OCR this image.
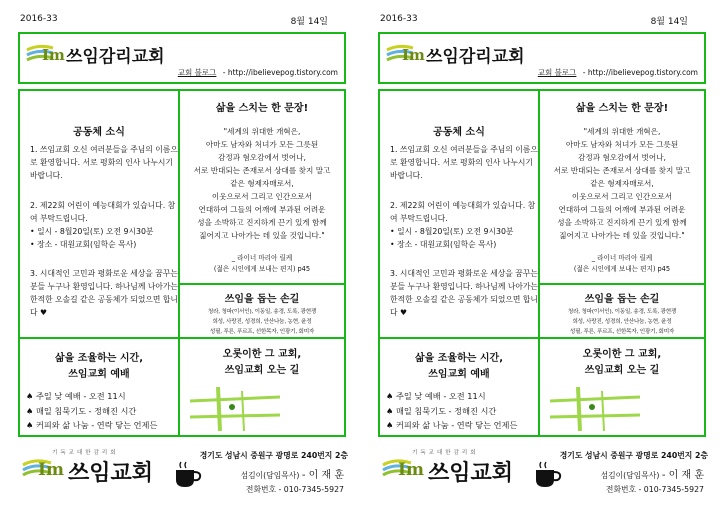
2016-33	8월 14일
Im 쓰임감리교회
교회 블로그 - http://ibelievepog.tistory.com
공동체 소식
1. 쓰임교회 오신 여러분들을 주님의 이름으로 환영합니다. 서로 평화의 인사 나누시기 바랍니다.
2. 제22회 어린이 예능대회가 있습니다. 참여 부탁드립니다.
• 일시 - 8월20일(토) 오전 9시30분
• 장소 - 대원교회(임학순 목사)
3. 시대적인 고민과 평화로운 세상을 꿈꾸는 분들 누구나 환영입니다. 하나님께 나아가는 한적한 오솔길 같은 공동체가 되었으면 합니다 ♥
삶을 스치는 한 문장!
"세계의 위대한 개혁은,
아마도 남자와 처녀가 모든 그릇된
감정과 혐오감에서 벗어나,
서로 반대되는 존재로서 상대를 찾지 말고
같은 형제자매로서,
이웃으로서 그리고 인간으로서
연대하여 그들의 어깨에 부과된 어려운
성을 소박하고 진지하게 끈기 있게 함께
짊어지고 나아가는 데 있을 것입니다."
_ 라이너 마리아 릴케
(젊은 시인에게 보내는 편지) p45
쓰임을 돕는 손길
청라, 청파(이서인), 이동일, 송경, 도록, 광현쟁
희성, 사랑진, 성경희, 안산나눔, 농현, 윤정
성필, 푸른, 푸르프, 선한목자, 인광기, 회미자
삶을 조율하는 시간,
쓰임교회 예배
♠ 주일 낮 예배 - 오전 11시
♠ 매일 침묵기도 - 정해진 시간
♠ 커피와 삶 나눔 - 연락 닿는 언제든
오롯이한 그 교회,
쓰임교회 오는 길
기독교대한감리회
Im 쓰임교회
경기도 성남시 중원구 광명로 240번지 2층
섬김이(담임목사) - 이 재 훈
전화번호 - 010-7345-5927
2016-33	8월 14일
Im 쓰임감리교회
교회 블로그 - http://ibelievepog.tistory.com
공동체 소식
1. 쓰임교회 오신 여러분들을 주님의 이름으로 환영합니다. 서로 평화의 인사 나누시기 바랍니다.
2. 제22회 어린이 예능대회가 있습니다. 참여 부탁드립니다.
• 일시 - 8월20일(토) 오전 9시30분
• 장소 - 대원교회(임학순 목사)
3. 시대적인 고민과 평화로운 세상을 꿈꾸는 분들 누구나 환영입니다. 하나님께 나아가는 한적한 오솔길 같은 공동체가 되었으면 합니다 ♥
삶을 스치는 한 문장!
"세계의 위대한 개혁은,
아마도 남자와 처녀가 모든 그릇된
감정과 혐오감에서 벗어나,
서로 반대되는 존재로서 상대를 찾지 말고
같은 형제자매로서,
이웃으로서 그리고 인간으로서
연대하여 그들의 어깨에 부과된 어려운
성을 소박하고 진지하게 끈기 있게 함께
짊어지고 나아가는 데 있을 것입니다."
_ 라이너 마리아 릴케
(젊은 시인에게 보내는 편지) p45
쓰임을 돕는 손길
청라, 청파(이서인), 이동일, 송경, 도록, 광현쟁
희성, 사랑진, 성경희, 안산나눔, 농현, 윤정
성필, 푸른, 푸르프, 선한목자, 인광기, 회미자
삶을 조율하는 시간,
쓰임교회 예배
♠ 주일 낮 예배 - 오전 11시
♠ 매일 침묵기도 - 정해진 시간
♠ 커피와 삶 나눔 - 연락 닿는 언제든
오롯이한 그 교회,
쓰임교회 오는 길
기독교대한감리회
Im 쓰임교회
경기도 성남시 중원구 광명로 240번지 2층
섬김이(담임목사) - 이 재 훈
전화번호 - 010-7345-5927
